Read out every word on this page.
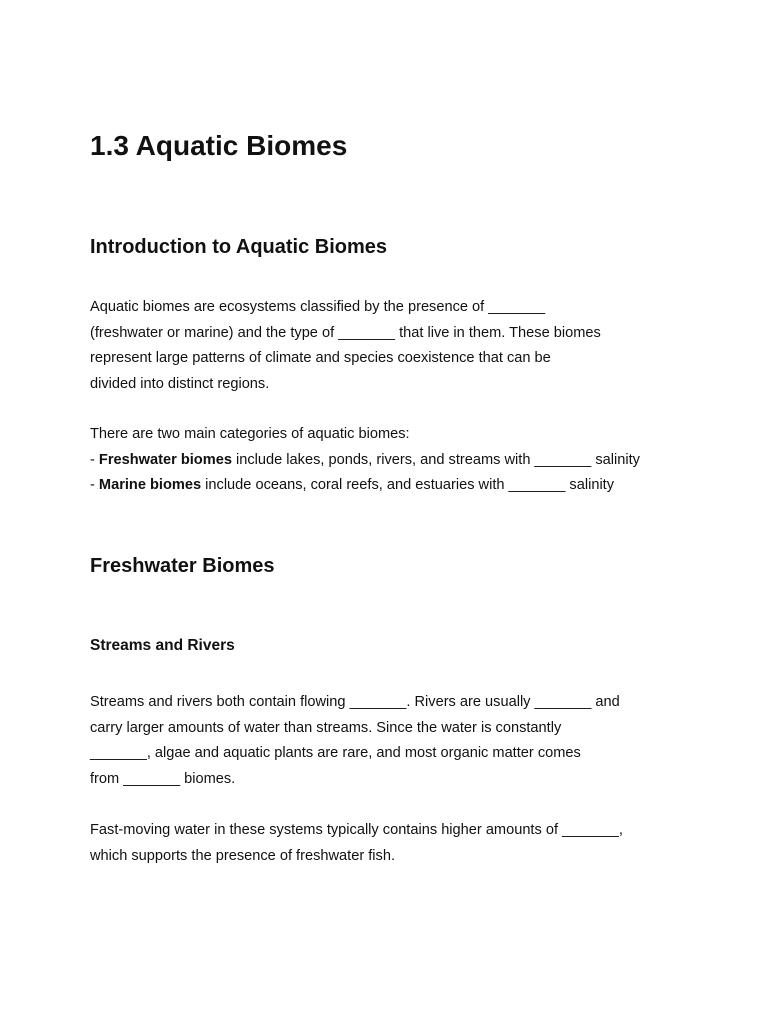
1.3 Aquatic Biomes
Introduction to Aquatic Biomes

Aquatic biomes are ecosystems classified by the presence of _______
(freshwater or marine) and the type of _______ that live in them. These biomes
represent large patterns of climate and species coexistence that can be
divided into distinct regions.

There are two main categories of aquatic biomes:
- Freshwater biomes include lakes, ponds, rivers, and streams with _______ salinity
- Marine biomes include oceans, coral reefs, and estuaries with _______ salinity

Freshwater Biomes
Streams and Rivers

Streams and rivers both contain flowing _______. Rivers are usually _______ and
carry larger amounts of water than streams. Since the water is constantly
_______, algae and aquatic plants are rare, and most organic matter comes
from _______ biomes.

Fast-moving water in these systems typically contains higher amounts of _______,
which supports the presence of freshwater fish.
